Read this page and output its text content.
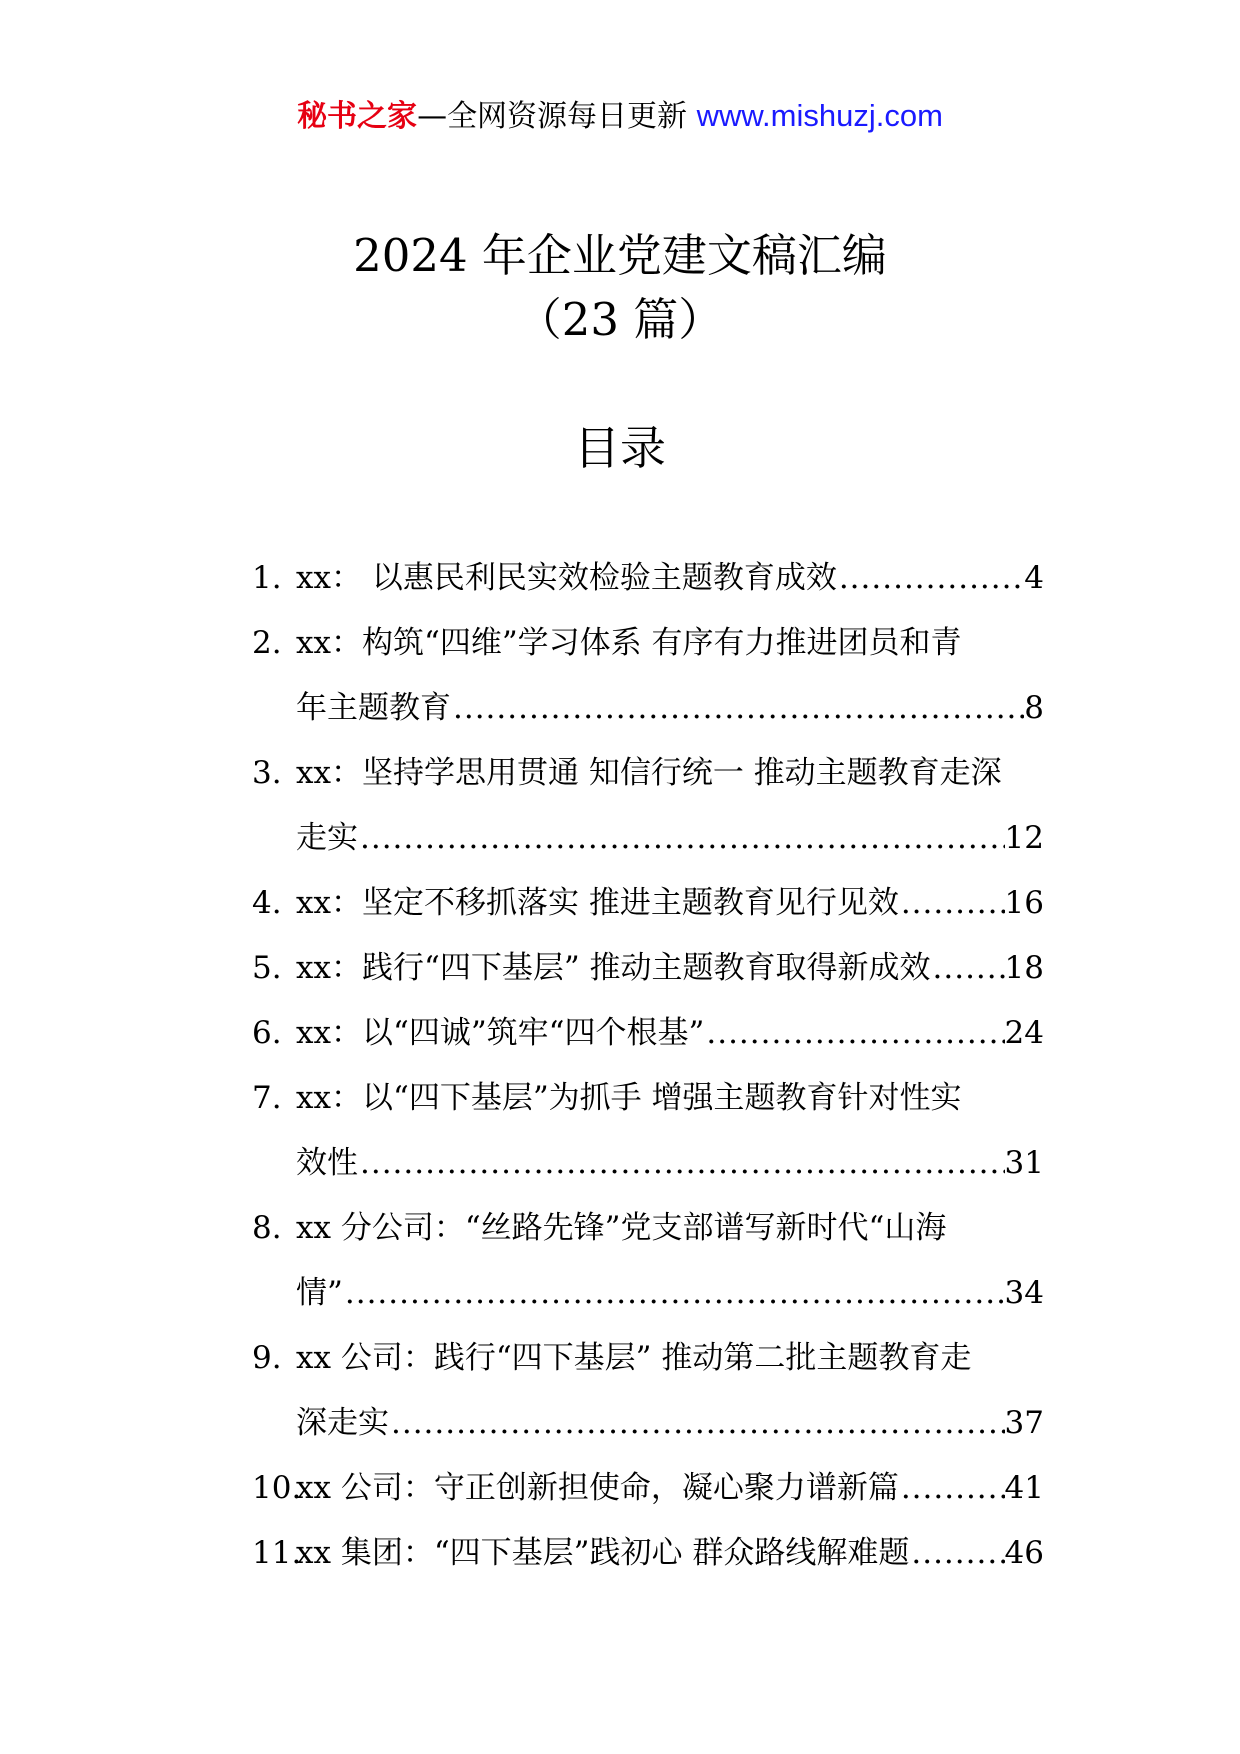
秘书之家—全网资源每日更新 www.mishuzj.com
2024 年企业党建文稿汇编
（23 篇）
目录
1. xx： 以惠民利民实效检验主题教育成效 .....	4
2. xx：构筑“四维”学习体系 有序有力推进团员和青
年主题教育 .....	8
3. xx：坚持学思用贯通 知信行统一 推动主题教育走深
走实 .....	12
4. xx：坚定不移抓落实 推进主题教育见行见效 .....	16
5. xx：践行“四下基层” 推动主题教育取得新成效 ..... 18
6. xx：以“四诚”筑牢“四个根基” .....	24
7. xx：以“四下基层”为抓手 增强主题教育针对性实
效性 .....	31
8. xx 分公司：“丝路先锋”党支部谱写新时代“山海
情” .....	34
9. xx 公司：践行“四下基层” 推动第二批主题教育走
深走实 .....	37
10.
xx 公司：守正创新担使命，凝心聚力谱新篇 .....	41
11.
xx 集团：“四下基层”践初心 群众路线解难题 .....	46
